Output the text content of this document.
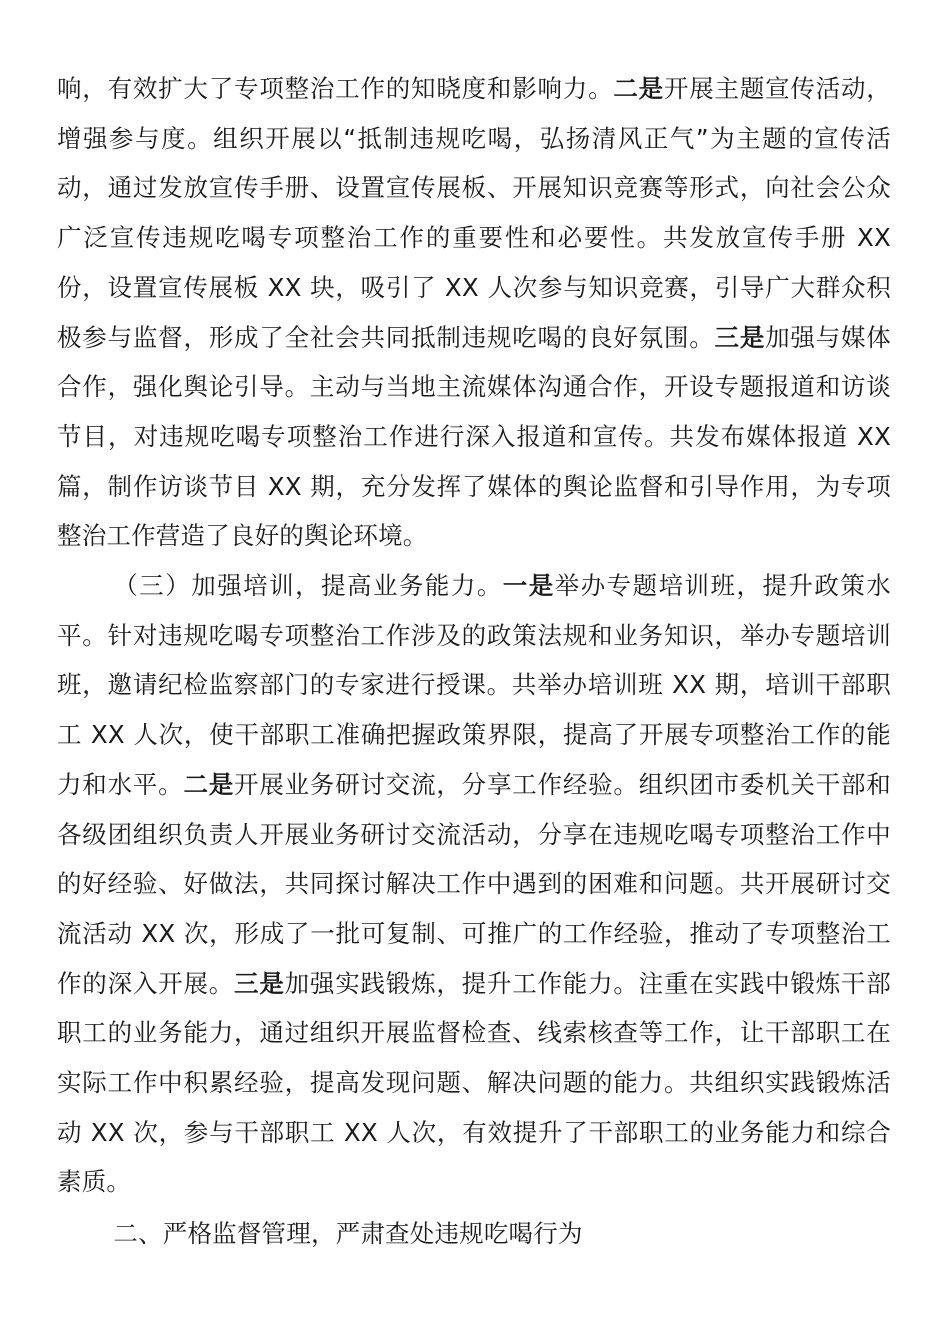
响，有效扩大了专项整治工作的知晓度和影响力。二是开展主题宣传活动，增强参与度。组织开展以“抵制违规吃喝，弘扬清风正气”为主题的宣传活动，通过发放宣传手册、设置宣传展板、开展知识竞赛等形式，向社会公众广泛宣传违规吃喝专项整治工作的重要性和必要性。共发放宣传手册 XX 份，设置宣传展板 XX 块，吸引了 XX 人次参与知识竞赛，引导广大群众积极参与监督，形成了全社会共同抵制违规吃喝的良好氛围。三是加强与媒体合作，强化舆论引导。主动与当地主流媒体沟通合作，开设专题报道和访谈节目，对违规吃喝专项整治工作进行深入报道和宣传。共发布媒体报道 XX 篇，制作访谈节目 XX 期，充分发挥了媒体的舆论监督和引导作用，为专项整治工作营造了良好的舆论环境。

（三）加强培训，提高业务能力。一是举办专题培训班，提升政策水平。针对违规吃喝专项整治工作涉及的政策法规和业务知识，举办专题培训班，邀请纪检监察部门的专家进行授课。共举办培训班 XX 期，培训干部职工 XX 人次，使干部职工准确把握政策界限，提高了开展专项整治工作的能力和水平。二是开展业务研讨交流，分享工作经验。组织团市委机关干部和各级团组织负责人开展业务研讨交流活动，分享在违规吃喝专项整治工作中的好经验、好做法，共同探讨解决工作中遇到的困难和问题。共开展研讨交流活动 XX 次，形成了一批可复制、可推广的工作经验，推动了专项整治工作的深入开展。三是加强实践锻炼，提升工作能力。注重在实践中锻炼干部职工的业务能力，通过组织开展监督检查、线索核查等工作，让干部职工在实际工作中积累经验，提高发现问题、解决问题的能力。共组织实践锻炼活动 XX 次，参与干部职工 XX 人次，有效提升了干部职工的业务能力和综合素质。

二、严格监督管理，严肃查处违规吃喝行为
